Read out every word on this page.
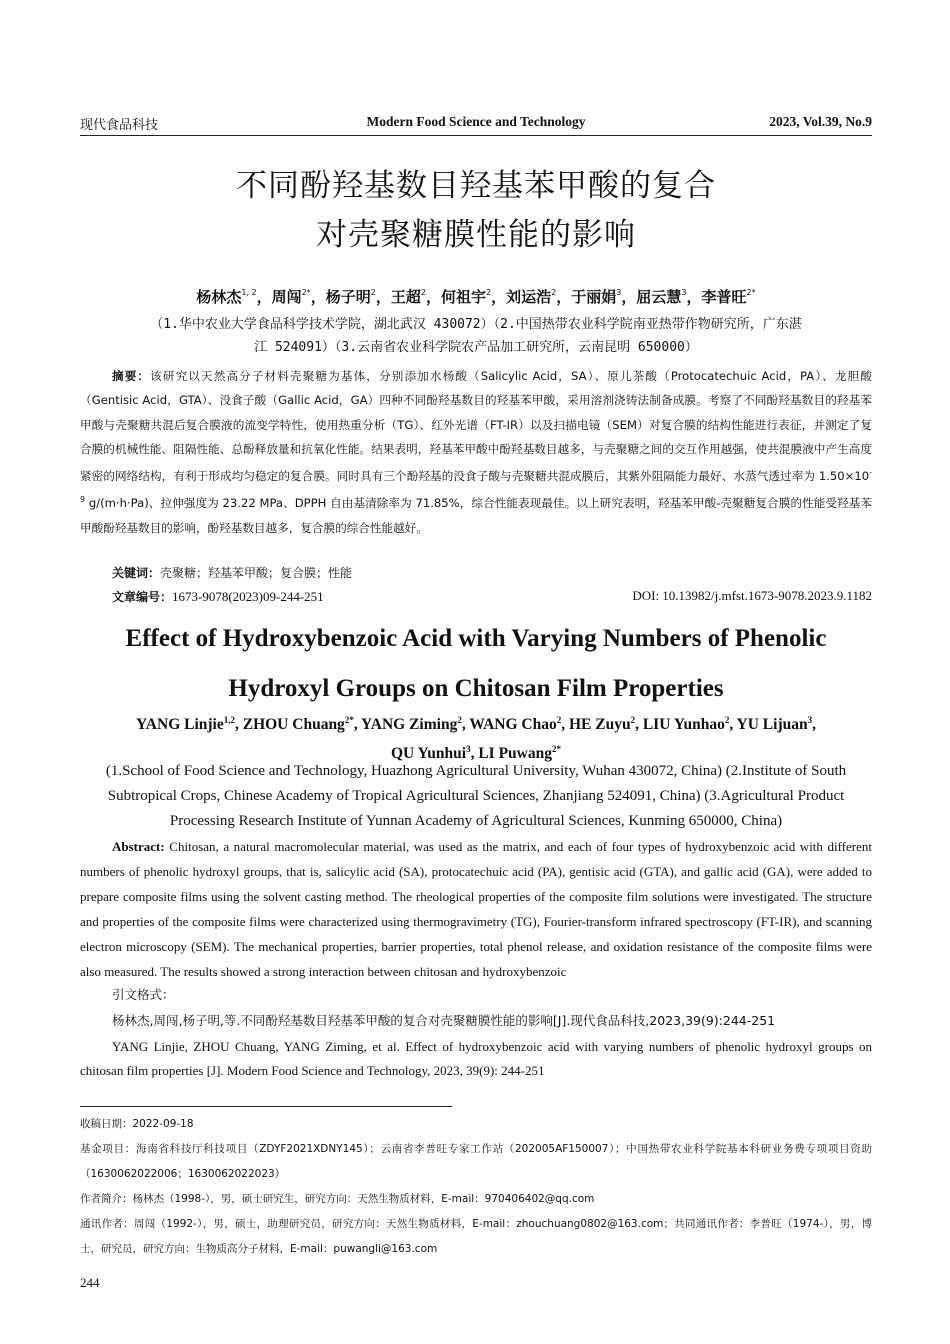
现代食品科技	Modern Food Science and Technology	2023, Vol.39, No.9
不同酚羟基数目羟基苯甲酸的复合
对壳聚糖膜性能的影响
杨林杰$^{1, 2}$，周闯$^{2*}$，杨子明$^2$，王超$^2$，何祖宇$^2$，刘运浩$^2$，于丽娟$^3$，屈云慧$^3$，李普旺$^{2*}$
（1.华中农业大学食品科学技术学院，湖北武汉 430072）（2.中国热带农业科学院南亚热带作物研究所，广东湛
江 524091）（3.云南省农业科学院农产品加工研究所，云南昆明 650000）
摘要：该研究以天然高分子材料壳聚糖为基体，分别添加水杨酸（Salicylic Acid，SA）、原儿茶酸（Protocatechuic Acid，PA）、龙胆酸（Gentisic Acid，GTA）、没食子酸（Gallic Acid，GA）四种不同酚羟基数目的羟基苯甲酸，采用溶剂浇铸法制备成膜。考察了不同酚羟基数目的羟基苯甲酸与壳聚糖共混后复合膜液的流变学特性，使用热重分析（TG）、红外光谱（FT-IR）以及扫描电镜（SEM）对复合膜的结构性能进行表征，并测定了复合膜的机械性能、阻隔性能、总酚释放量和抗氧化性能。结果表明，羟基苯甲酸中酚羟基数目越多，与壳聚糖之间的交互作用越强，使共混膜液中产生高度紧密的网络结构，有利于形成均匀稳定的复合膜。同时具有三个酚羟基的没食子酸与壳聚糖共混成膜后，其紫外阻隔能力最好、水蒸气透过率为 $1.50\times 10^{-9}$ g/(m·h·Pa)、拉伸强度为 23.22 MPa、DPPH 自由基清除率为 71.85%，综合性能表现最佳。以上研究表明，羟基苯甲酸-壳聚糖复合膜的性能受羟基苯甲酸酚羟基数目的影响，酚羟基数目越多，复合膜的综合性能越好。
关键词：壳聚糖；羟基苯甲酸；复合膜；性能
文章编号：1673-9078(2023)09-244-251	DOI: 10.13982/j.mfst.1673-9078.2023.9.1182
Effect of Hydroxybenzoic Acid with Varying Numbers of Phenolic
Hydroxyl Groups on Chitosan Film Properties
YANG Linjie$^{1,2}$, ZHOU Chuang$^{2*}$, YANG Ziming$^2$, WANG Chao$^2$, HE Zuyu$^2$, LIU Yunhao$^2$, YU Lijuan$^3$,
QU Yunhui$^3$, LI Puwang$^{2*}$
(1.School of Food Science and Technology, Huazhong Agricultural University, Wuhan 430072, China) (2.Institute of South Subtropical Crops, Chinese Academy of Tropical Agricultural Sciences, Zhanjiang 524091, China) (3.Agricultural Product Processing Research Institute of Yunnan Academy of Agricultural Sciences, Kunming 650000, China)
Abstract: Chitosan, a natural macromolecular material, was used as the matrix, and each of four types of hydroxybenzoic acid with different numbers of phenolic hydroxyl groups, that is, salicylic acid (SA), protocatechuic acid (PA), gentisic acid (GTA), and gallic acid (GA), were added to prepare composite films using the solvent casting method. The rheological properties of the composite film solutions were investigated. The structure and properties of the composite films were characterized using thermogravimetry (TG), Fourier-transform infrared spectroscopy (FT-IR), and scanning electron microscopy (SEM). The mechanical properties, barrier properties, total phenol release, and oxidation resistance of the composite films were also measured. The results showed a strong interaction between chitosan and hydroxybenzoic
引文格式：
杨林杰,周闯,杨子明,等.不同酚羟基数目羟基苯甲酸的复合对壳聚糖膜性能的影响[J].现代食品科技,2023,39(9):244-251
YANG Linjie, ZHOU Chuang, YANG Ziming, et al. Effect of hydroxybenzoic acid with varying numbers of phenolic hydroxyl groups on chitosan film properties [J]. Modern Food Science and Technology, 2023, 39(9): 244-251

收稿日期：2022-09-18

基金项目：海南省科技厅科技项目（ZDYF2021XDNY145）；云南省李普旺专家工作站（202005AF150007）；中国热带农业科学院基本科研业务费专项项目资助（1630062022006；1630062022023）

作者简介：杨林杰（1998-），男，硕士研究生，研究方向：天然生物质材料，E-mail：970406402@qq.com

通讯作者：周闯（1992-），男，硕士，助理研究员，研究方向：天然生物质材料，E-mail：zhouchuang0802@163.com；共同通讯作者：李普旺（1974-），男，博士，研究员，研究方向：生物质高分子材料，E-mail：puwangli@163.com

244
